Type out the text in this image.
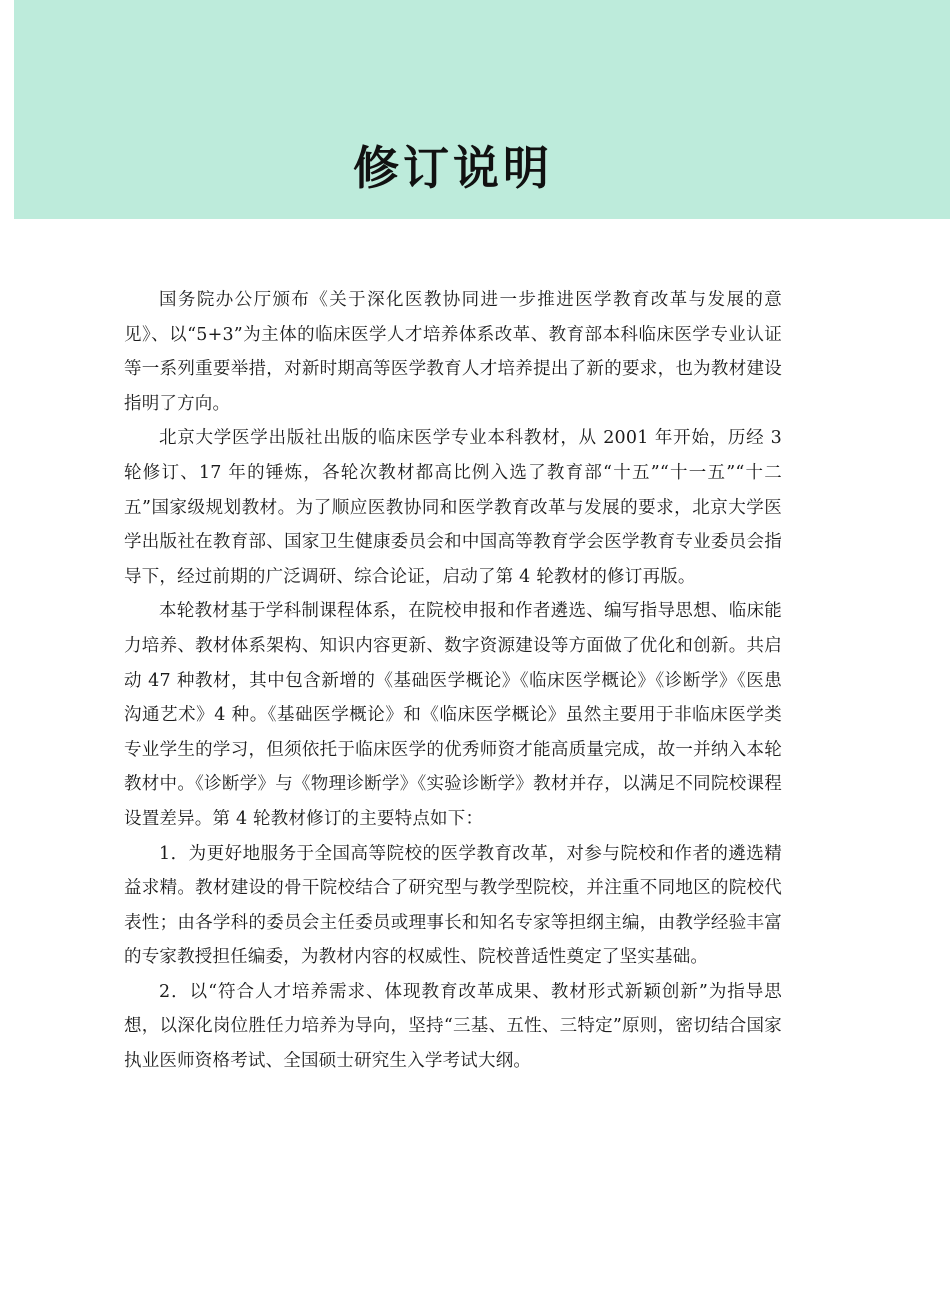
修订说明

国务院办公厅颁布《关于深化医教协同进一步推进医学教育改革与发展的意见》、以“5+3”为主体的临床医学人才培养体系改革、教育部本科临床医学专业认证等一系列重要举措，对新时期高等医学教育人才培养提出了新的要求，也为教材建设指明了方向。

北京大学医学出版社出版的临床医学专业本科教材，从 2001 年开始，历经 3 轮修订、17 年的锤炼，各轮次教材都高比例入选了教育部“十五”“十一五”“十二五”国家级规划教材。为了顺应医教协同和医学教育改革与发展的要求，北京大学医学出版社在教育部、国家卫生健康委员会和中国高等教育学会医学教育专业委员会指导下，经过前期的广泛调研、综合论证，启动了第 4 轮教材的修订再版。

本轮教材基于学科制课程体系，在院校申报和作者遴选、编写指导思想、临床能力培养、教材体系架构、知识内容更新、数字资源建设等方面做了优化和创新。共启动 47 种教材，其中包含新增的《基础医学概论》《临床医学概论》《诊断学》《医患沟通艺术》4 种。《基础医学概论》和《临床医学概论》虽然主要用于非临床医学类专业学生的学习，但须依托于临床医学的优秀师资才能高质量完成，故一并纳入本轮教材中。《诊断学》与《物理诊断学》《实验诊断学》教材并存，以满足不同院校课程设置差异。第 4 轮教材修订的主要特点如下：

1．为更好地服务于全国高等院校的医学教育改革，对参与院校和作者的遴选精益求精。教材建设的骨干院校结合了研究型与教学型院校，并注重不同地区的院校代表性；由各学科的委员会主任委员或理事长和知名专家等担纲主编，由教学经验丰富的专家教授担任编委，为教材内容的权威性、院校普适性奠定了坚实基础。

2．以“符合人才培养需求、体现教育改革成果、教材形式新颖创新”为指导思想，以深化岗位胜任力培养为导向，坚持“三基、五性、三特定”原则，密切结合国家执业医师资格考试、全国硕士研究生入学考试大纲。
